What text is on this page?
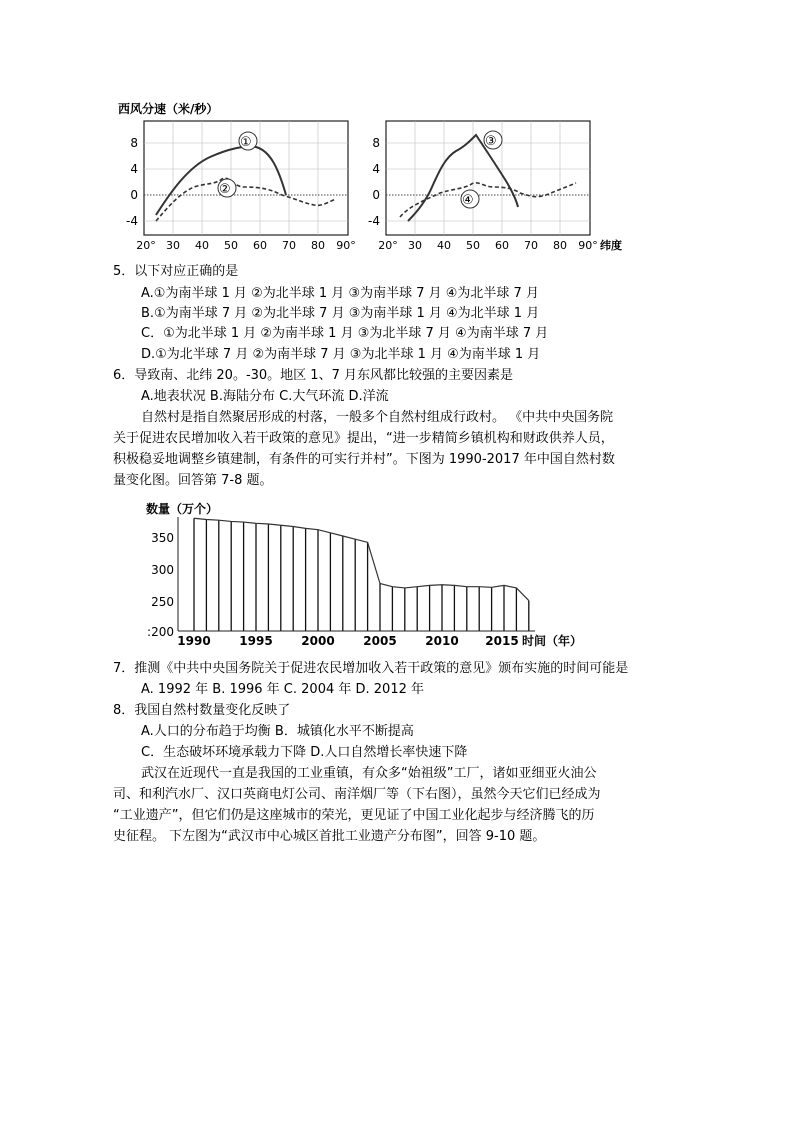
西风分速（米/秒）
①
②
8
4
0
-4
20° 30 40 50 60 70 80 90°
③
④
8
4
0
-4
20° 30 40 50 60 70 80 90° 纬度
5．以下对应正确的是
A.①为南半球 1 月 ②为北半球 1 月 ③为南半球 7 月 ④为北半球 7 月
B.①为南半球 7 月 ②为北半球 7 月 ③为南半球 1 月 ④为北半球 1 月
C．①为北半球 1 月 ②为南半球 1 月 ③为北半球 7 月 ④为南半球 7 月
D.①为北半球 7 月 ②为南半球 7 月 ③为北半球 1 月 ④为南半球 1 月
6．导致南、北纬 20。-30。地区 1、7 月东风都比较强的主要因素是
A.地表状况 B.海陆分布 C.大气环流 D.洋流
自然村是指自然聚居形成的村落，一般多个自然村组成行政村。 《中共中央国务院
关于促进农民增加收入若干政策的意见》提出，“进一步精简乡镇机构和财政供养人员，
积极稳妥地调整乡镇建制，有条件的可实行并村”。下图为 1990-2017 年中国自然村数
量变化图。回答第 7-8 题。
数量（万个）
350
300
250
:200
1990 1995 2000 2005 2010 2015 时间（年）
7．推测《中共中央国务院关于促进农民增加收入若干政策的意见》颁布实施的时间可能是
A. 1992 年 B. 1996 年 C. 2004 年 D. 2012 年
8．我国自然村数量变化反映了
A.人口的分布趋于均衡 B．城镇化水平不断提高
C．生态破坏环境承载力下降 D.人口自然增长率快速下降
武汉在近现代一直是我国的工业重镇，有众多“始祖级”工厂，诸如亚细亚火油公
司、和利汽水厂、汉口英商电灯公司、南洋烟厂等（下右图），虽然今天它们已经成为
“工业遗产”，但它们仍是这座城市的荣光，更见证了中国工业化起步与经济腾飞的历
史征程。 下左图为“武汉市中心城区首批工业遗产分布图”，回答 9-10 题。
